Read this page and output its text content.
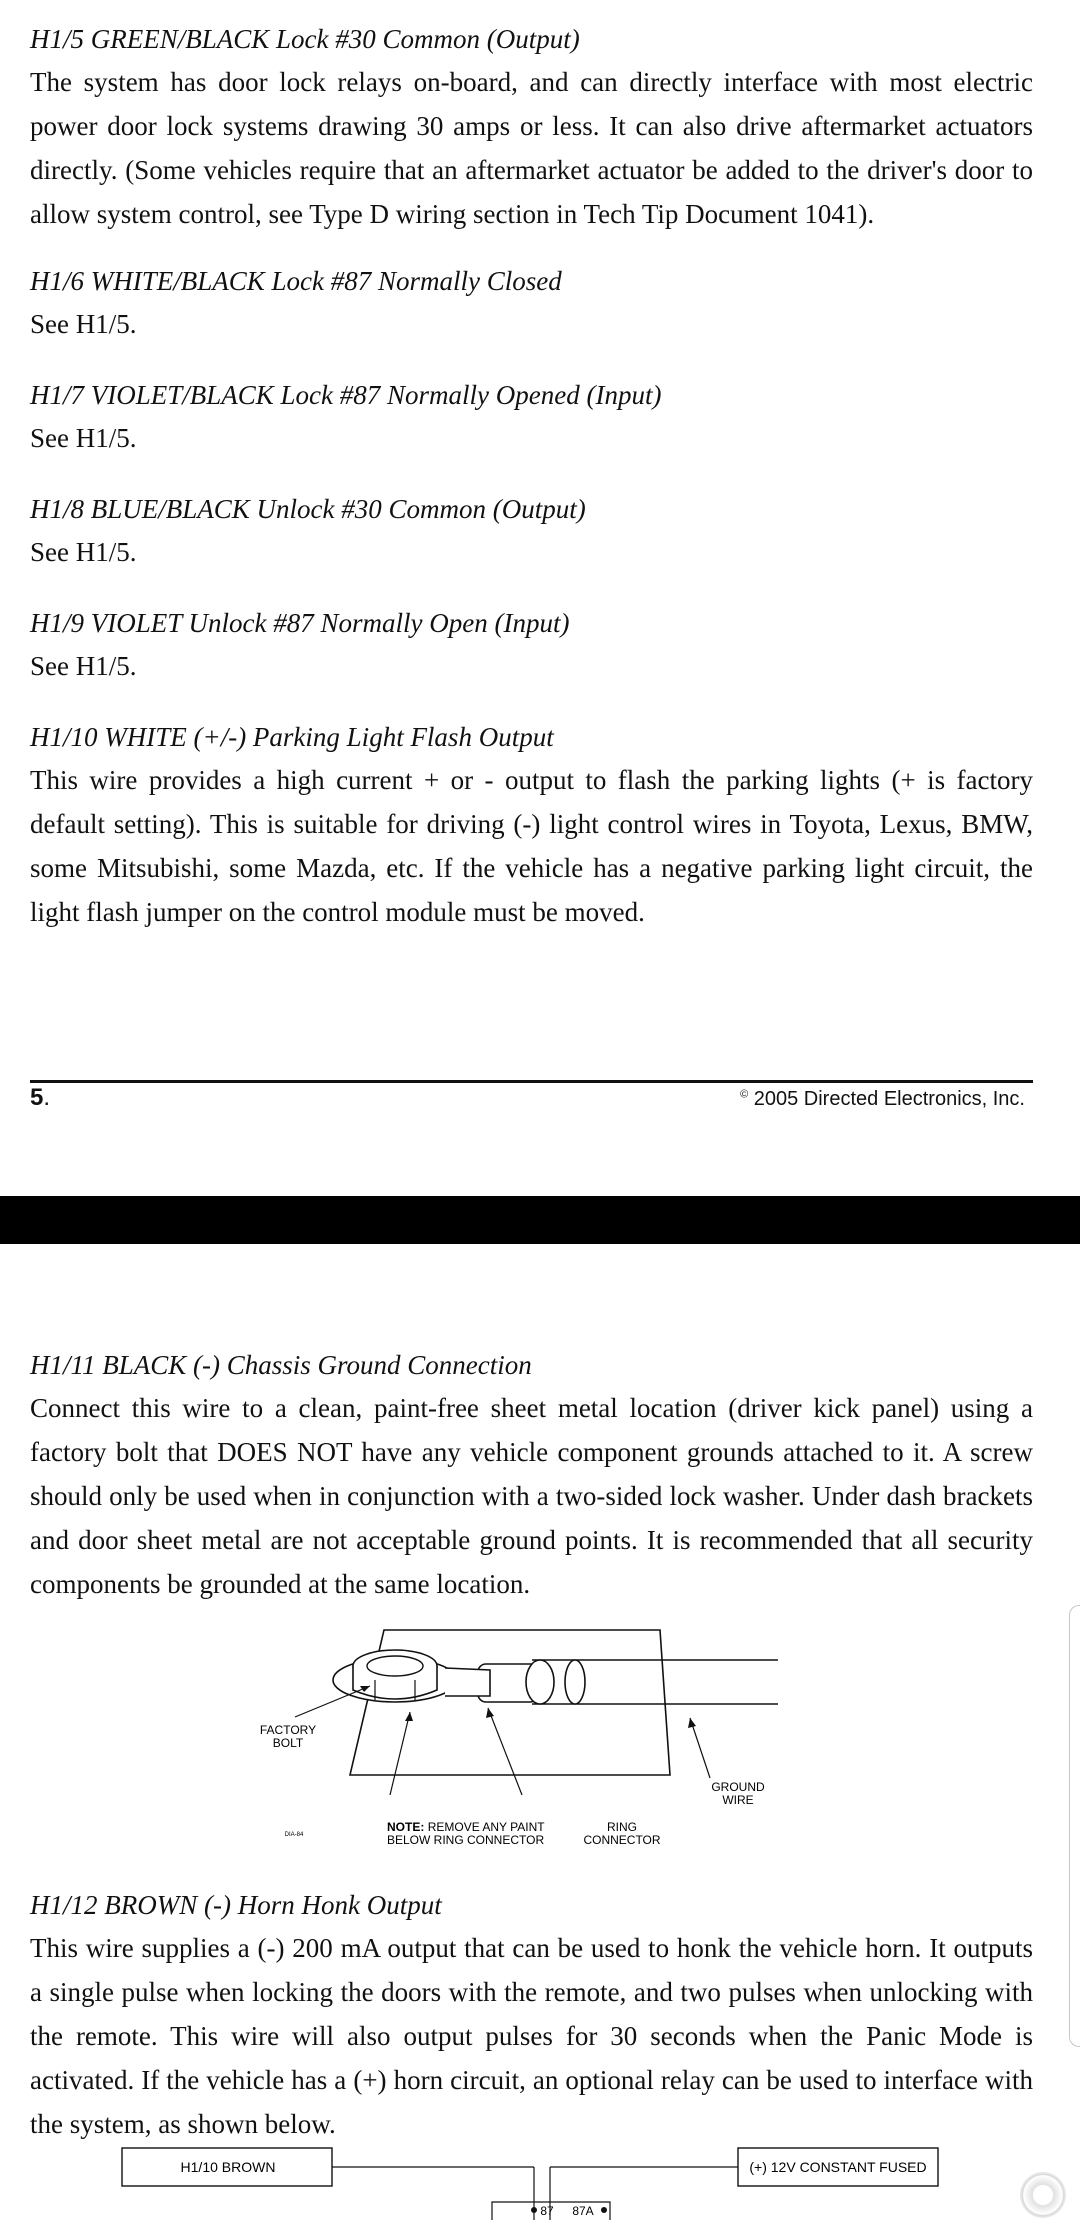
H1/5 GREEN/BLACK Lock #30 Common (Output)

The system has door lock relays on-board, and can directly interface with most electric power door lock systems drawing 30 amps or less. It can also drive aftermarket actuators directly. (Some vehicles require that an aftermarket actuator be added to the driver's door to allow system control, see Type D wiring section in Tech Tip Document 1041).

H1/6 WHITE/BLACK Lock #87 Normally Closed

See H1/5.

H1/7 VIOLET/BLACK Lock #87 Normally Opened (Input)

See H1/5.

H1/8 BLUE/BLACK Unlock #30 Common (Output)

See H1/5.

H1/9 VIOLET Unlock #87 Normally Open (Input)

See H1/5.

H1/10 WHITE (+/-) Parking Light Flash Output

This wire provides a high current + or - output to flash the parking lights (+ is factory default setting). This is suitable for driving (-) light control wires in Toyota, Lexus, BMW, some Mitsubishi, some Mazda, etc. If the vehicle has a negative parking light circuit, the light flash jumper on the control module must be moved.

5.	© 2005 Directed Electronics, Inc.

H1/11 BLACK (-) Chassis Ground Connection

Connect this wire to a clean, paint-free sheet metal location (driver kick panel) using a factory bolt that DOES NOT have any vehicle component grounds attached to it. A screw should only be used when in conjunction with a two-sided lock washer. Under dash brackets and door sheet metal are not acceptable ground points. It is recommended that all security components be grounded at the same location.

FACTORY
BOLT
GROUND
WIRE
NOTE: REMOVE ANY PAINT
BELOW RING CONNECTOR
RING
CONNECTOR
DIA-84

H1/12 BROWN (-) Horn Honk Output

This wire supplies a (-) 200 mA output that can be used to honk the vehicle horn. It outputs a single pulse when locking the doors with the remote, and two pulses when unlocking with the remote. This wire will also output pulses for 30 seconds when the Panic Mode is activated. If the vehicle has a (+) horn circuit, an optional relay can be used to interface with the system, as shown below.

H1/10 BROWN	(+) 12V CONSTANT FUSED
87 87A
